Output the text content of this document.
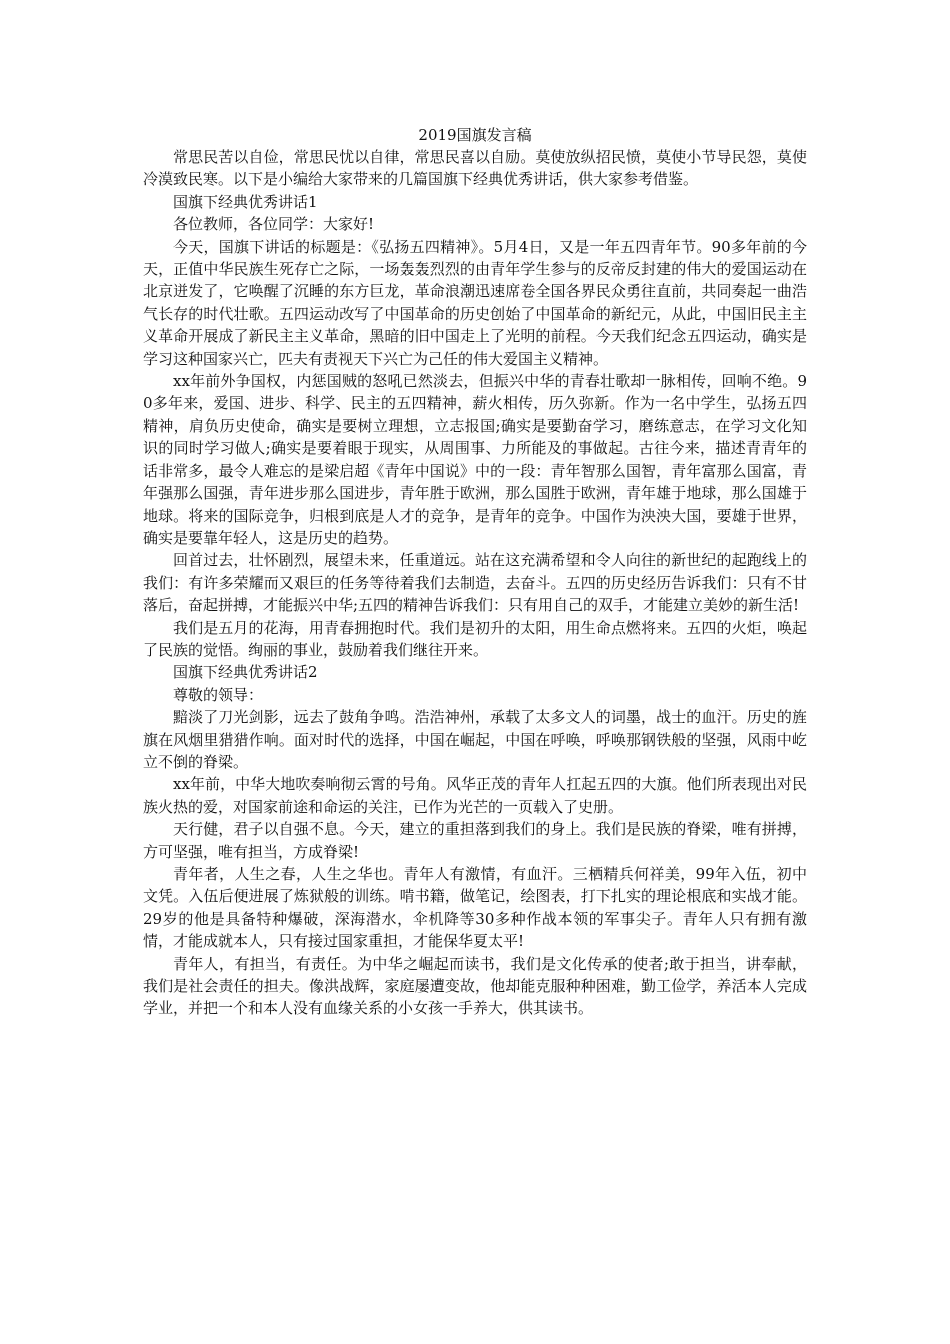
2019国旗发言稿

常思民苦以自俭，常思民忧以自律，常思民喜以自励。莫使放纵招民愤，莫使小节导民怨，莫使冷漠致民寒。以下是小编给大家带来的几篇国旗下经典优秀讲话，供大家参考借鉴。

国旗下经典优秀讲话1

各位教师，各位同学：大家好!

今天，国旗下讲话的标题是：《弘扬五四精神》。5月4日，又是一年五四青年节。90多年前的今天，正值中华民族生死存亡之际，一场轰轰烈烈的由青年学生参与的反帝反封建的伟大的爱国运动在北京迸发了，它唤醒了沉睡的东方巨龙，革命浪潮迅速席卷全国各界民众勇往直前，共同奏起一曲浩气长存的时代壮歌。五四运动改写了中国革命的历史创始了中国革命的新纪元，从此，中国旧民主主义革命开展成了新民主主义革命，黑暗的旧中国走上了光明的前程。今天我们纪念五四运动，确实是学习这种国家兴亡，匹夫有责视天下兴亡为己任的伟大爱国主义精神。

xx年前外争国权，内惩国贼的怒吼已然淡去，但振兴中华的青春壮歌却一脉相传，回响不绝。90多年来，爱国、进步、科学、民主的五四精神，薪火相传，历久弥新。作为一名中学生，弘扬五四精神，肩负历史使命，确实是要树立理想，立志报国;确实是要勤奋学习，磨练意志，在学习文化知识的同时学习做人;确实是要着眼于现实，从周围事、力所能及的事做起。古往今来，描述青青年的话非常多，最令人难忘的是梁启超《青年中国说》中的一段：青年智那么国智，青年富那么国富，青年强那么国强，青年进步那么国进步，青年胜于欧洲，那么国胜于欧洲，青年雄于地球，那么国雄于地球。将来的国际竞争，归根到底是人才的竞争，是青年的竞争。中国作为泱泱大国，要雄于世界，确实是要靠年轻人，这是历史的趋势。

回首过去，壮怀剧烈，展望未来，任重道远。站在这充满希望和令人向往的新世纪的起跑线上的我们：有许多荣耀而又艰巨的任务等待着我们去制造，去奋斗。五四的历史经历告诉我们：只有不甘落后，奋起拼搏，才能振兴中华;五四的精神告诉我们：只有用自己的双手，才能建立美妙的新生活!

我们是五月的花海，用青春拥抱时代。我们是初升的太阳，用生命点燃将来。五四的火炬，唤起了民族的觉悟。绚丽的事业，鼓励着我们继往开来。

国旗下经典优秀讲话2

尊敬的领导：

黯淡了刀光剑影，远去了鼓角争鸣。浩浩神州，承载了太多文人的词墨，战士的血汗。历史的旌旗在风烟里猎猎作响。面对时代的选择，中国在崛起，中国在呼唤，呼唤那钢铁般的坚强，风雨中屹立不倒的脊梁。

xx年前，中华大地吹奏响彻云霄的号角。风华正茂的青年人扛起五四的大旗。他们所表现出对民族火热的爱，对国家前途和命运的关注，已作为光芒的一页载入了史册。

天行健，君子以自强不息。今天，建立的重担落到我们的身上。我们是民族的脊梁，唯有拼搏，方可坚强，唯有担当，方成脊梁!

青年者，人生之春，人生之华也。青年人有激情，有血汗。三栖精兵何祥美，99年入伍，初中文凭。入伍后便进展了炼狱般的训练。啃书籍，做笔记，绘图表，打下扎实的理论根底和实战才能。29岁的他是具备特种爆破，深海潜水，伞机降等30多种作战本领的军事尖子。青年人只有拥有激情，才能成就本人，只有接过国家重担，才能保华夏太平!

青年人，有担当，有责任。为中华之崛起而读书，我们是文化传承的使者;敢于担当，讲奉献，我们是社会责任的担夫。像洪战辉，家庭屡遭变故，他却能克服种种困难，勤工俭学，养活本人完成学业，并把一个和本人没有血缘关系的小女孩一手养大，供其读书。
